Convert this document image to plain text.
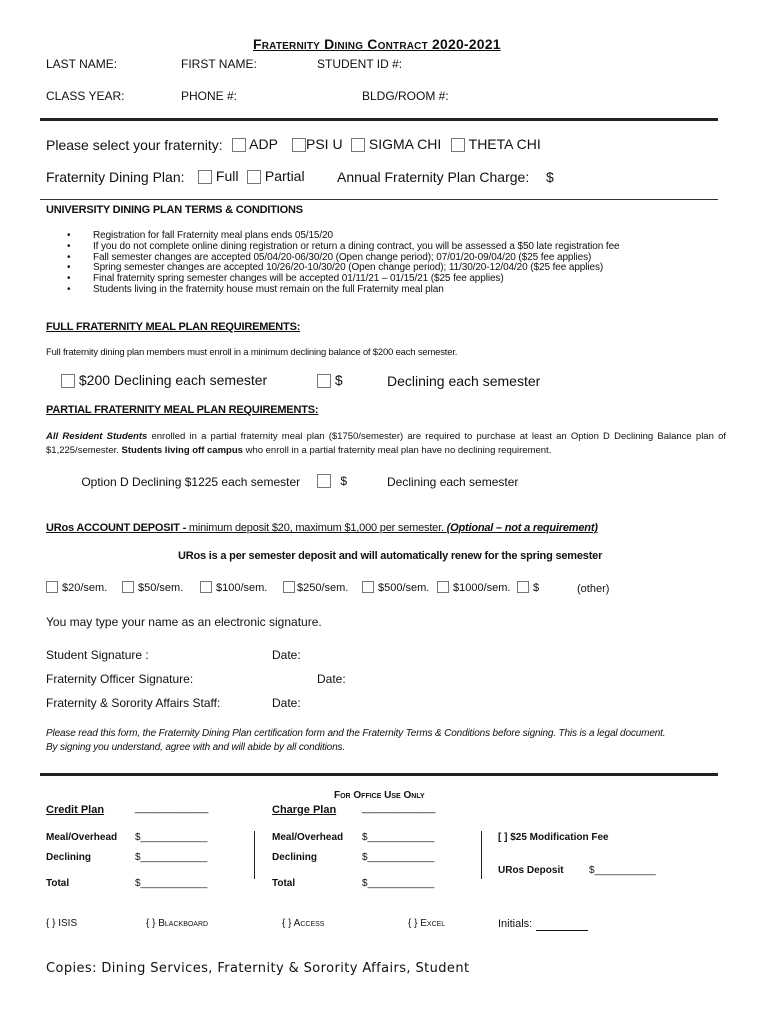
Fraternity Dining Contract 2020-2021
LAST NAME:	FIRST NAME:	STUDENT ID #:
CLASS YEAR:	PHONE #:	BLDG/ROOM #:
Please select your fraternity:	ADP	PSI U	SIGMA CHI	THETA CHI
Fraternity Dining Plan:	Full	Partial Annual Fraternity Plan Charge: $
UNIVERSITY DINING PLAN TERMS & CONDITIONS
• Registration for fall Fraternity meal plans ends 05/15/20
• If you do not complete online dining registration or return a dining contract, you will be assessed a $50 late registration fee
• Fall semester changes are accepted 05/04/20-06/30/20 (Open change period); 07/01/20-09/04/20 ($25 fee applies)
• Spring semester changes are accepted 10/26/20-10/30/20 (Open change period); 11/30/20-12/04/20 ($25 fee applies)
• Final fraternity spring semester changes will be accepted 01/11/21 – 01/15/21 ($25 fee applies)
• Students living in the fraternity house must remain on the full Fraternity meal plan
FULL FRATERNITY MEAL PLAN REQUIREMENTS:
Full fraternity dining plan members must enroll in a minimum declining balance of $200 each semester.
$200 Declining each semester	$	Declining each semester
PARTIAL FRATERNITY MEAL PLAN REQUIREMENTS:
All Resident Students enrolled in a partial fraternity meal plan ($1750/semester) are required to purchase at least an Option D Declining Balance plan of $1,225/semester. Students living off campus who enroll in a partial fraternity meal plan have no declining requirement.
Option D Declining $1225 each semester	$	Declining each semester
URos ACCOUNT DEPOSIT - minimum deposit $20, maximum $1,000 per semester. (Optional – not a requirement)
URos is a per semester deposit and will automatically renew for the spring semester
$20/sem.	$50/sem.	$100/sem.	$250/sem.	$500/sem.	$1000/sem.	$	(other)
You may type your name as an electronic signature.
Student Signature :	Date:
Fraternity Officer Signature:	Date:
Fraternity & Sorority Affairs Staff:	Date:
Please read this form, the Fraternity Dining Plan certification form and the Fraternity Terms & Conditions before signing. This is a legal document.
By signing you understand, agree with and will abide by all conditions.
For Office Use Only
Credit Plan	____________	Charge Plan ____________
Meal/Overhead $____________
Declining	$____________
Total	$____________
Meal/Overhead $____________
Declining	$____________
Total	$____________
[ ] $25 Modification Fee
URos Deposit	$___________
{ } ISIS	{ } Blackboard	{ } Access	{ } Excel	Initials:
Copies: Dining Services, Fraternity & Sorority Affairs, Student
